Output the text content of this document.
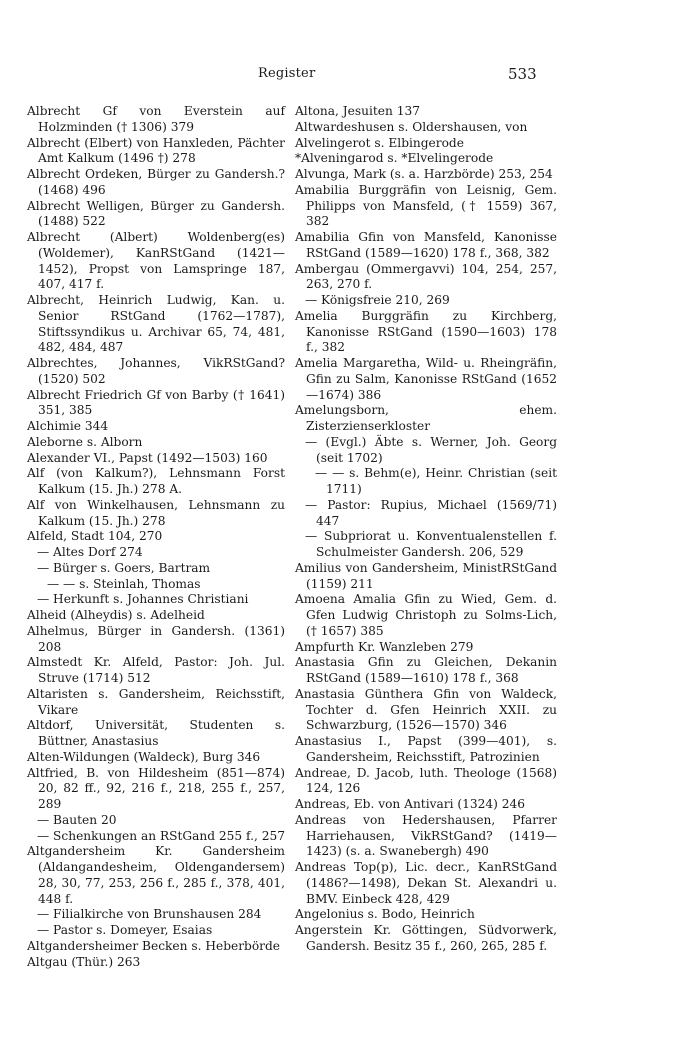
Register	533
Albrecht Gf von Everstein auf Holzminden († 1306) 379
Albrecht (Elbert) von Hanxleden, Pächter Amt Kalkum (1496 †) 278
Albrecht Ordeken, Bürger zu Gandersh.? (1468) 496
Albrecht Welligen, Bürger zu Gandersh. (1488) 522
Albrecht (Albert) Woldenberg(es) (Woldemer), KanRStGand (1421—1452), Propst von Lamspringe 187, 407, 417 f.
Albrecht, Heinrich Ludwig, Kan. u. Senior RStGand (1762—1787), Stiftssyndikus u. Archivar 65, 74, 481, 482, 484, 487
Albrechtes, Johannes, VikRStGand? (1520) 502
Albrecht Friedrich Gf von Barby († 1641) 351, 385
Alchimie 344
Aleborne s. Alborn
Alexander VI., Papst (1492—1503) 160
Alf (von Kalkum?), Lehnsmann Forst Kalkum (15. Jh.) 278 A.
Alf von Winkelhausen, Lehnsmann zu Kalkum (15. Jh.) 278
Alfeld, Stadt 104, 270
— Altes Dorf 274
— Bürger s. Goers, Bartram
— — s. Steinlah, Thomas
— Herkunft s. Johannes Christiani
Alheid (Alheydis) s. Adelheid
Alhelmus, Bürger in Gandersh. (1361) 208
Almstedt Kr. Alfeld, Pastor: Joh. Jul. Struve (1714) 512
Altaristen s. Gandersheim, Reichsstift, Vikare
Altdorf, Universität, Studenten s. Büttner, Anastasius
Alten-Wildungen (Waldeck), Burg 346
Altfried, B. von Hildesheim (851—874) 20, 82 ff., 92, 216 f., 218, 255 f., 257, 289
— Bauten 20
— Schenkungen an RStGand 255 f., 257
Altgandersheim Kr. Gandersheim (Aldangandesheim, Oldengandersem) 28, 30, 77, 253, 256 f., 285 f., 378, 401, 448 f.
— Filialkirche von Brunshausen 284
— Pastor s. Domeyer, Esaias
Altgandersheimer Becken s. Heberbörde
Altgau (Thür.) 263
Altona, Jesuiten 137
Altwardeshusen s. Oldershausen, von
Alvelingerot s. Elbingerode
*Alveningarod s. *Elvelingerode
Alvunga, Mark (s. a. Harzbörde) 253, 254
Amabilia Burggräfin von Leisnig, Gem. Philipps von Mansfeld, († 1559) 367, 382
Amabilia Gfin von Mansfeld, Kanonisse RStGand (1589—1620) 178 f., 368, 382
Ambergau (Ommergavvi) 104, 254, 257, 263, 270 f.
— Königsfreie 210, 269
Amelia Burggräfin zu Kirchberg, Kanonisse RStGand (1590—1603) 178 f., 382
Amelia Margaretha, Wild- u. Rheingräfin, Gfin zu Salm, Kanonisse RStGand (1652—1674) 386
Amelungsborn, ehem. Zisterzienserkloster
— (Evgl.) Äbte s. Werner, Joh. Georg (seit 1702)
— — s. Behm(e), Heinr. Christian (seit 1711)
— Pastor: Rupius, Michael (1569/71) 447
— Subpriorat u. Konventualenstellen f. Schulmeister Gandersh. 206, 529
Amilius von Gandersheim, MinistRStGand (1159) 211
Amoena Amalia Gfin zu Wied, Gem. d. Gfen Ludwig Christoph zu Solms-Lich, († 1657) 385
Ampfurth Kr. Wanzleben 279
Anastasia Gfin zu Gleichen, Dekanin RStGand (1589—1610) 178 f., 368
Anastasia Günthera Gfin von Waldeck, Tochter d. Gfen Heinrich XXII. zu Schwarzburg, (1526—1570) 346
Anastasius I., Papst (399—401), s. Gandersheim, Reichsstift, Patrozinien
Andreae, D. Jacob, luth. Theologe (1568) 124, 126
Andreas, Eb. von Antivari (1324) 246
Andreas von Hedershausen, Pfarrer Harriehausen, VikRStGand? (1419—1423) (s. a. Swanebergh) 490
Andreas Top(p), Lic. decr., KanRStGand (1486?—1498), Dekan St. Alexandri u. BMV. Einbeck 428, 429
Angelonius s. Bodo, Heinrich
Angerstein Kr. Göttingen, Südvorwerk, Gandersh. Besitz 35 f., 260, 265, 285 f.
